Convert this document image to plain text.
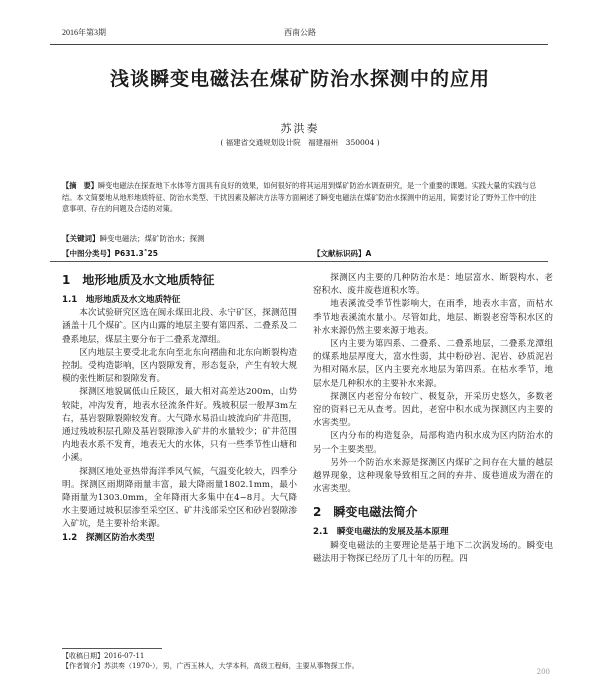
2016年第3期	西南公路
浅谈瞬变电磁法在煤矿防治水探测中的应用
苏洪奏
( 福建省交通规划设计院　福建福州　350004 )
【摘　要】瞬变电磁法在探查地下水体等方面具有良好的效果，如何很好的将其运用到煤矿防治水调查研究，是一个重要的课题。实践大量的实践与总结。本文简要地从地形地质特征、防治水类型、干扰因素及解决方法等方面阐述了瞬变电磁法在煤矿防治水探测中的运用，简要讨论了野外工作中的注意事项、存在的问题及合适的对策。
【关键词】瞬变电磁法；煤矿防治水；探测
【中图分类号】P631.3˚25	【文献标识码】A
1　地形地质及水文地质特征
1.1　地形地质及水文地质特征

本次试验研究区选在闽永煤田北段、永宁矿区，探测范围涵盖十几个煤矿。区内山露的地层主要有第四系、二叠系及二叠系地层，煤层主要分布于二叠系龙潭组。

区内地层主要受北北东向至北东向褶曲和北东向断裂构造控制。受构造影响，区内裂隙发育，形态复杂，产生有较大规模的张性断层和裂隙发育。

探测区地貌属低山丘陵区，最大相对高差达200m，山势较陡，冲沟发育，地表水径流条件好。残坡积层一般厚3m左右，基岩裂隙裂隙较发育。大气降水易沿山坡流向矿井范围，通过残坡积层孔隙及基岩裂隙渗入矿井的水量较少；矿井范围内地表水系不发育，地表无大的水体，只有一些季节性山塘和小溪。

探测区地处亚热带海洋季风气候，气温变化较大，四季分明。探测区雨期降雨量丰富，最大降雨量1802.1mm，最小降雨量为1303.0mm，全年降雨大多集中在4~8月。大气降水主要通过坡积层渗至采空区、矿井浅部采空区和砂岩裂隙渗入矿坑，是主要补给来源。

1.2　探测区防治水类型

探测区内主要的几种防治水是：地层富水、断裂构水、老窑积水、废井废巷道积水等。

地表溪流受季节性影响大，在雨季，地表水丰富，而枯水季节地表溪流水量小。尽管如此，地层、断裂老窑等积水区的补水来源仍然主要来源于地表。

区内主要为第四系、二叠系、二叠系地层，二叠系龙潭组的煤系地层厚度大，富水性弱，其中粉砂岩、泥岩、砂质泥岩为相对隔水层，区内主要充水地层为第四系。在枯水季节，地层水是几种积水的主要补水来源。

探测区内老窑分布较广、极复杂，开采历史悠久，多数老窑的资料已无从查考。因此，老窑中积水成为探测区内主要的水害类型。

区内分布的构造复杂，局部构造内积水成为区内防治水的另一个主要类型。

另外一个防治水来源是探测区内煤矿之间存在大量的越层越界现象，这种现象导致相互之间的弃井、废巷道成为潜在的水害类型。

2　瞬变电磁法简介
2.1　瞬变电磁法的发展及基本原理

瞬变电磁法的主要理论是基于地下二次涡发场的。瞬变电磁法用于物探已经历了几十年的历程。四

【收稿日期】2016-07-11
【作者简介】苏洪奏（1970-），男，广西玉林人，大学本科，高级工程师，主要从事物探工作。
200
